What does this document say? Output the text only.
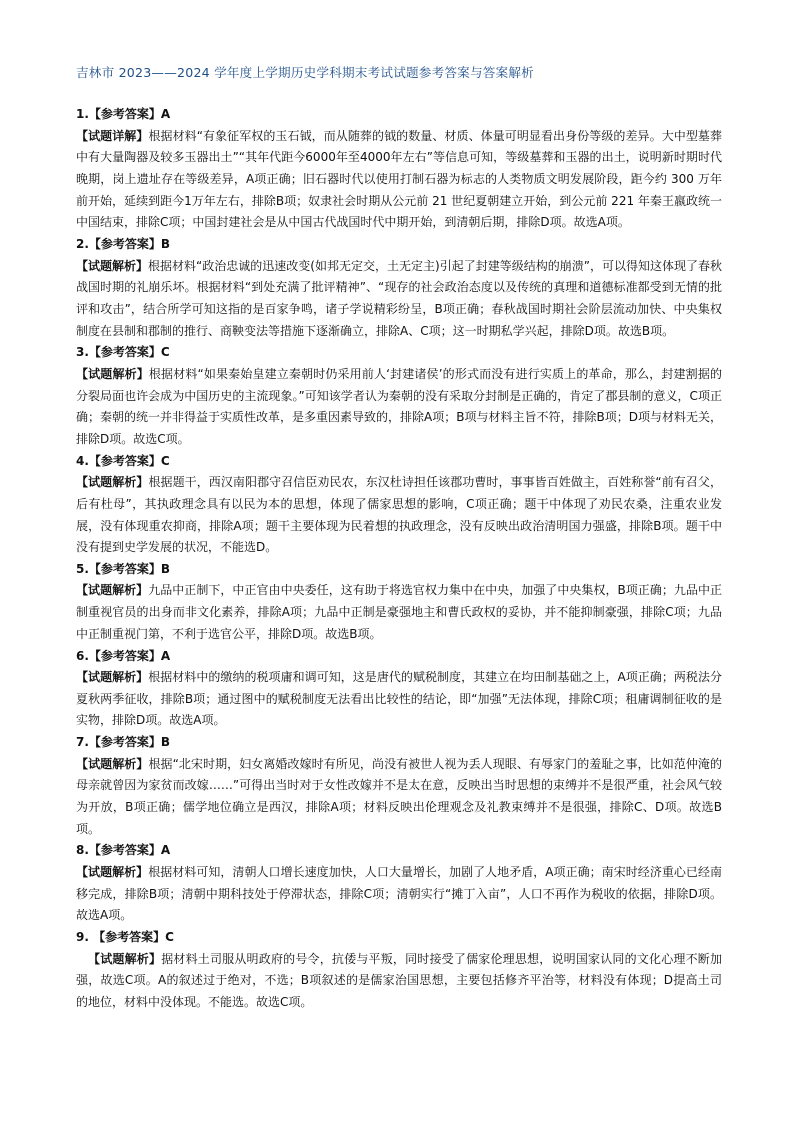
吉林市 2023——2024 学年度上学期历史学科期末考试试题参考答案与答案解析
1.【参考答案】A
【试题详解】根据材料“有象征军权的玉石钺，而从随葬的钺的数量、材质、体量可明显看出身份等级的差异。大中型墓葬中有大量陶器及较多玉器出土”“其年代距今6000年至4000年左右”等信息可知，等级墓葬和玉器的出土，说明新时期时代晚期，岗上遗址存在等级差异，A项正确；旧石器时代以使用打制石器为标志的人类物质文明发展阶段，距今约 300 万年前开始，延续到距今1万年左右，排除B项；奴隶社会时期从公元前 21 世纪夏朝建立开始，到公元前 221 年秦王嬴政统一中国结束，排除C项；中国封建社会是从中国古代战国时代中期开始，到清朝后期，排除D项。故选A项。
2.【参考答案】B
【试题解析】根据材料“政治忠诚的迅速改变(如邦无定交，土无定主)引起了封建等级结构的崩溃”，可以得知这体现了春秋战国时期的礼崩乐坏。根据材料“到处充满了批评精神”、“现存的社会政治态度以及传统的真理和道德标准都受到无情的批评和攻击”，结合所学可知这指的是百家争鸣，诸子学说精彩纷呈，B项正确；春秋战国时期社会阶层流动加快、中央集权制度在县制和郡制的推行、商鞅变法等措施下逐渐确立，排除A、C项；这一时期私学兴起，排除D项。故选B项。
3.【参考答案】C
【试题解析】根据材料“如果秦始皇建立秦朝时仍采用前人‘封建诸侯’的形式而没有进行实质上的革命，那么，封建割据的分裂局面也许会成为中国历史的主流现象。”可知该学者认为秦朝的没有采取分封制是正确的，肯定了郡县制的意义，C项正确；秦朝的统一并非得益于实质性改革，是多重因素导致的，排除A项；B项与材料主旨不符，排除B项；D项与材料无关，排除D项。故选C项。
4.【参考答案】C
【试题解析】根据题干，西汉南阳郡守召信臣劝民农，东汉杜诗担任该郡功曹时，事事皆百姓做主，百姓称誉“前有召父，后有杜母”，其执政理念具有以民为本的思想，体现了儒家思想的影响，C项正确；题干中体现了劝民农桑，注重农业发展，没有体现重农抑商，排除A项；题干主要体现为民着想的执政理念，没有反映出政治清明国力强盛，排除B项。题干中没有提到史学发展的状况，不能选D。
5.【参考答案】B
【试题解析】九品中正制下，中正官由中央委任，这有助于将选官权力集中在中央，加强了中央集权，B项正确；九品中正制重视官员的出身而非文化素养，排除A项；九品中正制是豪强地主和曹氏政权的妥协，并不能抑制豪强，排除C项；九品中正制重视门第，不利于选官公平，排除D项。故选B项。
6.【参考答案】A
【试题解析】根据材料中的缴纳的税项庸和调可知，这是唐代的赋税制度，其建立在均田制基础之上，A项正确；两税法分夏秋两季征收，排除B项；通过图中的赋税制度无法看出比较性的结论，即“加强”无法体现，排除C项；租庸调制征收的是实物，排除D项。故选A项。
7.【参考答案】B
【试题解析】根据“北宋时期，妇女离婚改嫁时有所见，尚没有被世人视为丢人现眼、有辱家门的羞耻之事，比如范仲淹的母亲就曾因为家贫而改嫁……”可得出当时对于女性改嫁并不是太在意，反映出当时思想的束缚并不是很严重，社会风气较为开放，B项正确；儒学地位确立是西汉，排除A项；材料反映出伦理观念及礼教束缚并不是很强，排除C、D项。故选B项。
8.【参考答案】A
【试题解析】根据材料可知，清朝人口增长速度加快，人口大量增长，加剧了人地矛盾，A项正确；南宋时经济重心已经南移完成，排除B项；清朝中期科技处于停滞状态，排除C项；清朝实行“摊丁入亩”，人口不再作为税收的依据，排除D项。故选A项。
9. 【参考答案】C
【试题解析】据材料土司服从明政府的号令，抗倭与平叛，同时接受了儒家伦理思想，说明国家认同的文化心理不断加强，故选C项。A的叙述过于绝对，不选；B项叙述的是儒家治国思想，主要包括修齐平治等，材料没有体现；D提高土司的地位，材料中没体现。不能选。故选C项。
